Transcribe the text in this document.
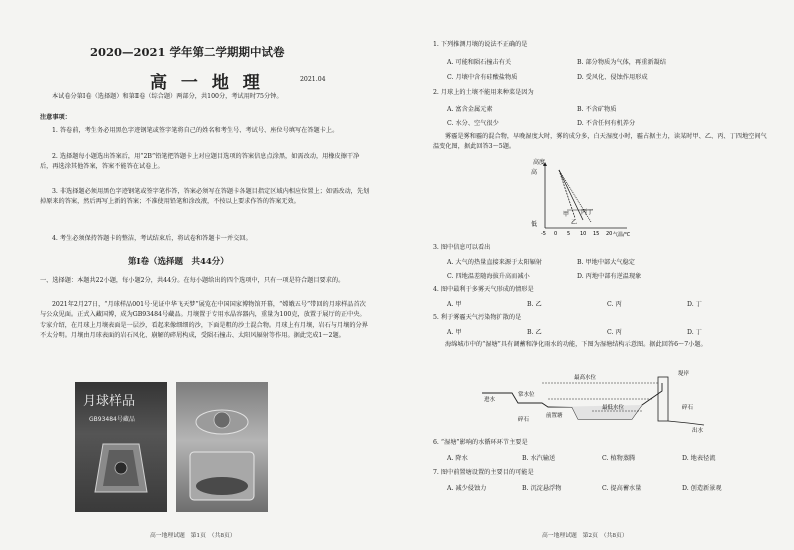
2020—2021 学年第二学期期中试卷
高 一 地 理	2021.04
本试卷分第Ⅰ卷（选择题）和第Ⅱ卷（综合题）两部分，共100分，考试用时75分钟。
注意事项：
1. 答卷前，考生务必用黑色字迹钢笔或签字笔将自己的姓名和考生号、考试号、座位号填写在答题卡上。
2. 选择题每小题选出答案后，用“2B”铅笔把答题卡上对应题目选项的答案信息点涂黑，如需改动，用橡皮擦干净后，再选涂其他答案，答案不能答在试卷上。
3. 非选择题必须用黑色字迹钢笔或签字笔作答，答案必须写在答题卡各题目指定区域内相应位置上；如需改动，先划掉原来的答案，然后再写上新的答案；不准使用铅笔和涂改液，不按以上要求作答的答案无效。
4. 考生必须保持答题卡的整洁，考试结束后，将试卷和答题卡一并交回。
第Ⅰ卷（选择题　共44分）
一、选择题：本题共22小题，每小题2分，共44分。在每小题给出的四个选项中，只有一项是符合题目要求的。
2021年2月27日，“月球样品001号·见证中华飞天梦”展览在中国国家博物馆开幕，“嫦娥五号”带回的月球样品首次与公众见面。正式入藏国博，成为GB93484号藏品。月壤置于专用水晶容器内，重量为100克，放置于展厅的正中央。专家介绍，在月球上月壤表面是一层沙，看起来像细细的沙，下面是粗的沙土混合物。月球上有月壤，岩石与月壤的分界不太分明。月壤由月球表面的岩石风化、崩解的碎屑构成，受陨石撞击、太阳风辐射等作用。据此完成1～2题。
月球样品
GB93484号藏品
高一地理试题　第1页　（共8页）
1. 下列推测月壤的说法不正确的是
A. 可能和陨石撞击有关	B. 部分物质为气体，再重新凝结
C. 月壤中含有硅酸盐物质	D. 受风化、侵蚀作用形成
2. 月球上的土壤不能用来种菜是因为
A. 富含金属元素	B. 不含矿物质
C. 水分、空气很少	D. 不含任何有机养分
雾霾是雾和霾的混合物，早晚湿度大时，雾的成分多，白天湿度小时，霾占据主力，读某时甲、乙、丙、丁四地空间气温变化图，据此回答3～5题。
高度
高
低
-5 0 5 10 15 20 气温/℃
甲
乙
丙 丁
3. 图中信息可以看出
A. 大气的热量直接来源于太阳辐射	B. 甲地中部大气稳定
C. 四地温差随海拔升高而减小	D. 丙地中部有逆温现象
4. 图中最利于多雾天气形成的情形是
A. 甲	B. 乙	C. 丙	D. 丁
5. 利于雾霾天气污染物扩散的是
A. 甲	B. 乙	C. 丙	D. 丁
海绵城市中的“湿塘”具有调蓄和净化雨水的功能，下图为湿塘结构示意图。据此回答6～7小题。
最高水位
堤岸
进水
常水位
前置塘
碎石
最低水位	碎石
出水
6. “湿塘”影响的水循环环节主要是
A. 降水	B. 水汽输送	C. 植物蒸腾	D. 地表径流
7. 图中前置塘设置的主要目的可能是
A. 减少侵蚀力	B. 沉淀悬浮物	C. 提高蓄水量	D. 创造新景观
高一地理试题　第2页　（共8页）
